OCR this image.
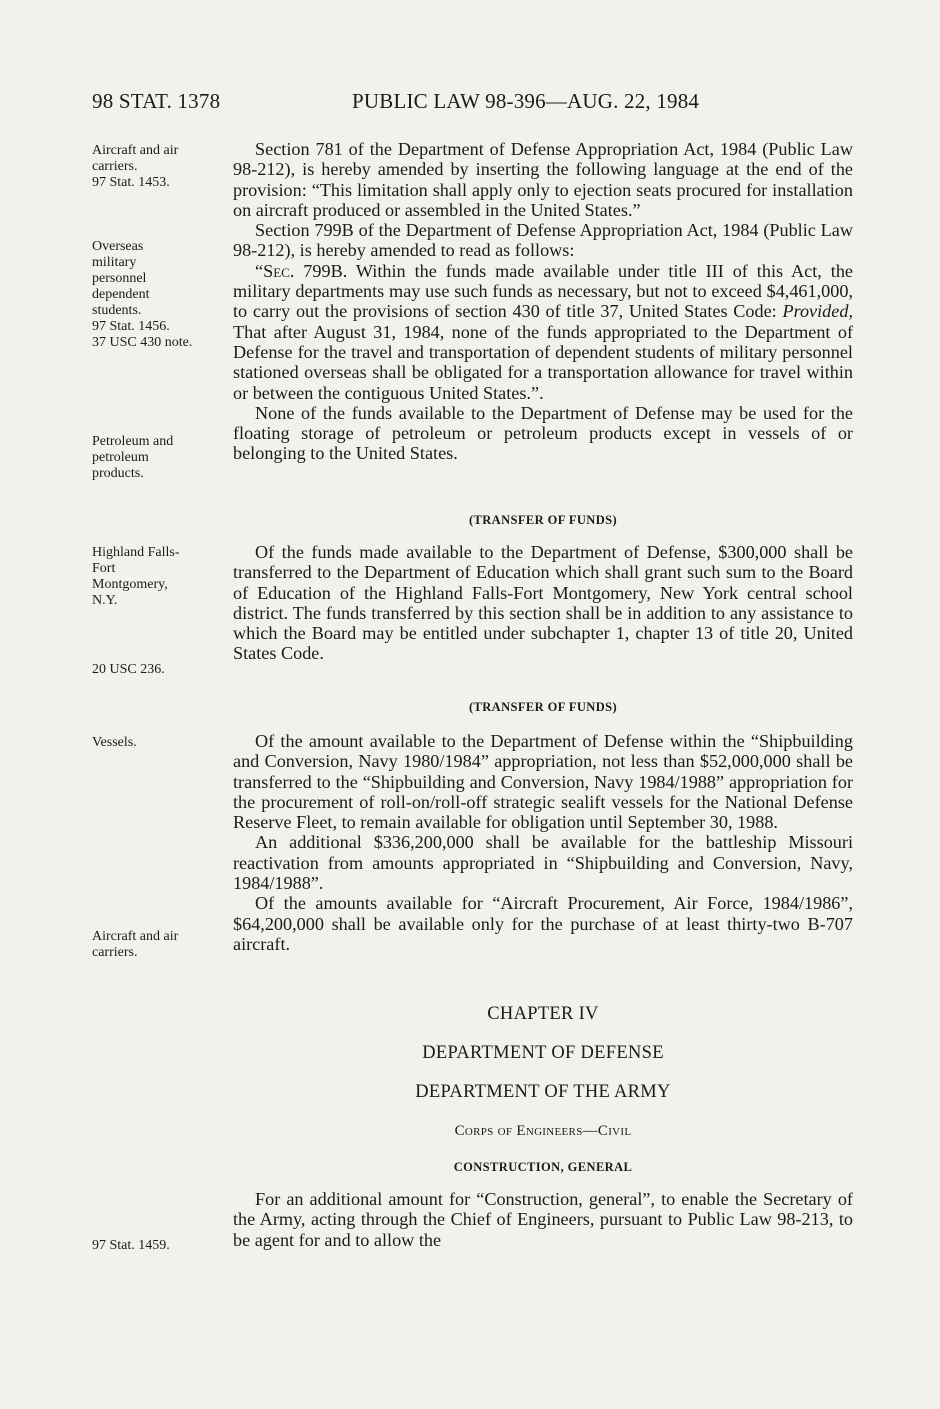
98 STAT. 1378	PUBLIC LAW 98-396—AUG. 22, 1984
Aircraft and air
carriers.
97 Stat. 1453.
Overseas
military
personnel
dependent
students.
97 Stat. 1456.
37 USC 430 note.
Petroleum and
petroleum
products.
Highland Falls-
Fort
Montgomery,
N.Y.
20 USC 236.
Vessels.
Aircraft and air
carriers.
97 Stat. 1459.

Section 781 of the Department of Defense Appropriation Act, 1984 (Public Law 98-212), is hereby amended by inserting the following language at the end of the provision: “This limitation shall apply only to ejection seats procured for installation on aircraft produced or assembled in the United States.”

Section 799B of the Department of Defense Appropriation Act, 1984 (Public Law 98-212), is hereby amended to read as follows:

“Sec. 799B. Within the funds made available under title III of this Act, the military departments may use such funds as necessary, but not to exceed $4,461,000, to carry out the provisions of section 430 of title 37, United States Code: Provided, That after August 31, 1984, none of the funds appropriated to the Department of Defense for the travel and transportation of dependent students of military personnel stationed overseas shall be obligated for a transportation allowance for travel within or between the contiguous United States.”.

None of the funds available to the Department of Defense may be used for the floating storage of petroleum or petroleum products except in vessels of or belonging to the United States.

(TRANSFER OF FUNDS)

Of the funds made available to the Department of Defense, $300,000 shall be transferred to the Department of Education which shall grant such sum to the Board of Education of the Highland Falls-Fort Montgomery, New York central school district. The funds transferred by this section shall be in addition to any assistance to which the Board may be entitled under subchapter 1, chapter 13 of title 20, United States Code.

(TRANSFER OF FUNDS)

Of the amount available to the Department of Defense within the “Shipbuilding and Conversion, Navy 1980/1984” appropriation, not less than $52,000,000 shall be transferred to the “Shipbuilding and Conversion, Navy 1984/1988” appropriation for the procurement of roll-on/roll-off strategic sealift vessels for the National Defense Reserve Fleet, to remain available for obligation until September 30, 1988.

An additional $336,200,000 shall be available for the battleship Missouri reactivation from amounts appropriated in “Shipbuilding and Conversion, Navy, 1984/1988”.

Of the amounts available for “Aircraft Procurement, Air Force, 1984/1986”, $64,200,000 shall be available only for the purchase of at least thirty-two B-707 aircraft.

CHAPTER IV
DEPARTMENT OF DEFENSE
DEPARTMENT OF THE ARMY
Corps of Engineers—Civil
CONSTRUCTION, GENERAL

For an additional amount for “Construction, general”, to enable the Secretary of the Army, acting through the Chief of Engineers, pursuant to Public Law 98-213, to be agent for and to allow the
